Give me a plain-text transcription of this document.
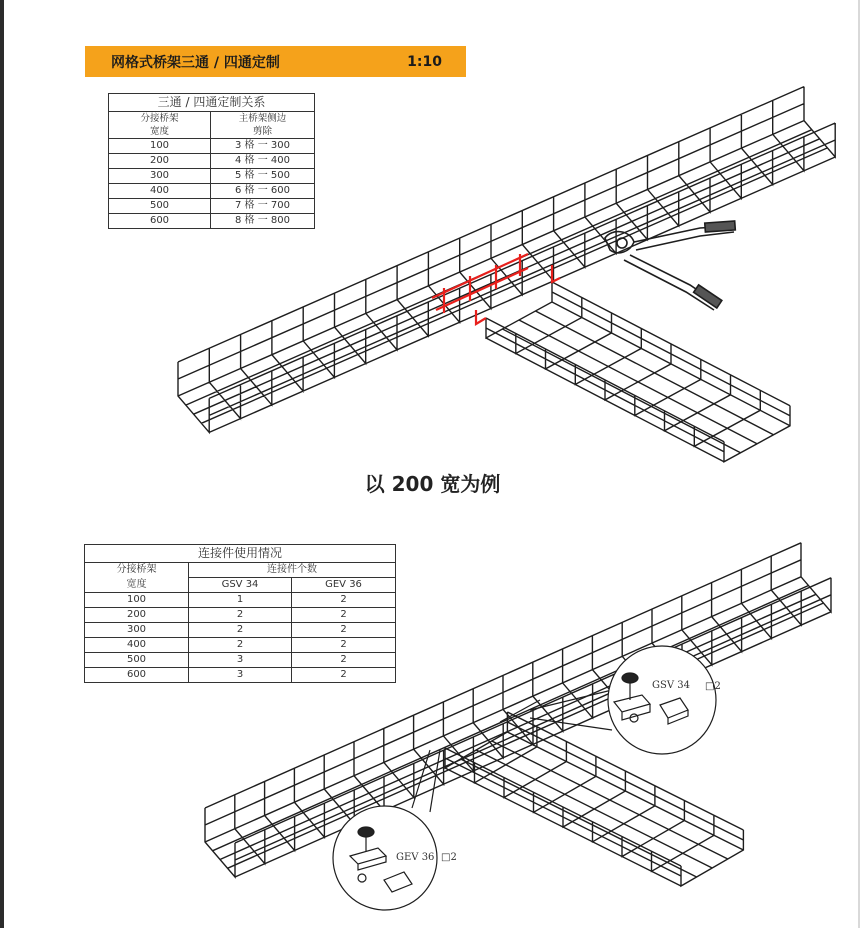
网格式桥架三通 / 四通定制	1:10
三通 / 四通定制关系	
分接桥架	主桥架侧边
宽度	剪除
100	3 格 一 300
200	4 格 一 400
300	5 格 一 500
400	6 格 一 600
500	7 格 一 700
600	8 格 一 800
以 200 宽为例
连接件使用情况		
分接桥架	连接件个数	
宽度	GSV 34	GEV 36
100	1	2
200	2	2
300	2	2
400	2	2
500	3	2
600	3	2
GSV 34 □2
GEV 36 □2
